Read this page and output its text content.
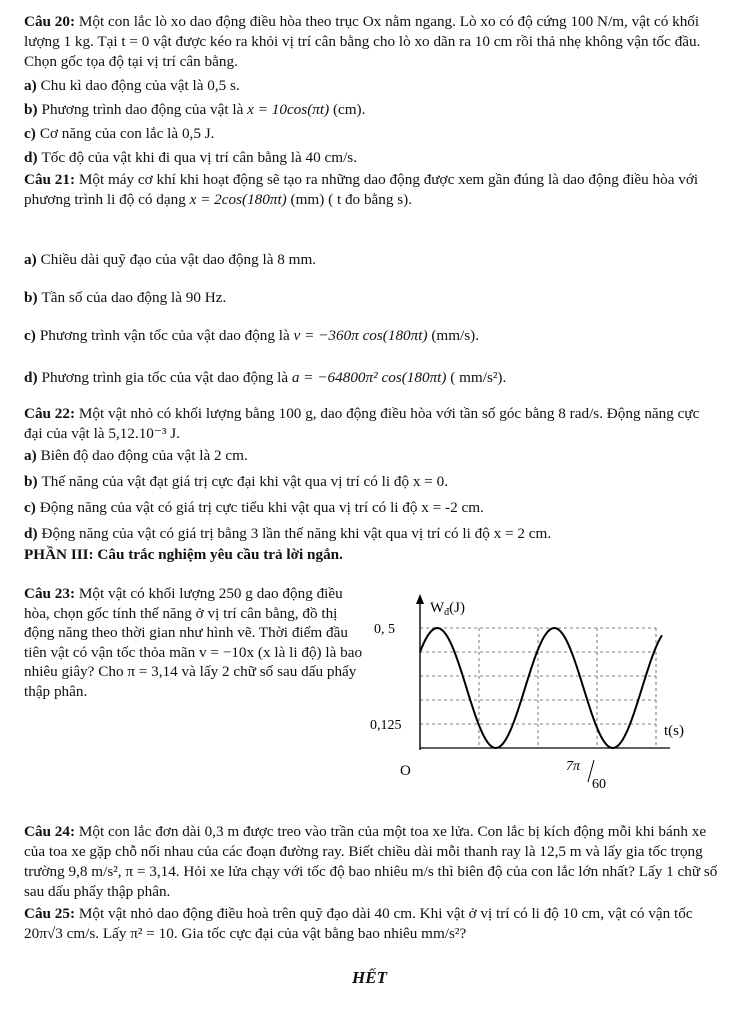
Câu 20: Một con lắc lò xo dao động điều hòa theo trục Ox nằm ngang. Lò xo có độ cứng 100 N/m, vật có khối lượng 1 kg. Tại t = 0 vật được kéo ra khỏi vị trí cân bằng cho lò xo dãn ra 10 cm rồi thả nhẹ không vận tốc đầu. Chọn gốc tọa độ tại vị trí cân bằng.

a) Chu kì dao động của vật là 0,5 s.

b) Phương trình dao động của vật là x = 10cos(πt) (cm).

c) Cơ năng của con lắc là 0,5 J.

d) Tốc độ của vật khi đi qua vị trí cân bằng là 40 cm/s.

Câu 21: Một máy cơ khí khi hoạt động sẽ tạo ra những dao động được xem gần đúng là dao động điều hòa với phương trình li độ có dạng x = 2cos(180πt) (mm) ( t đo bằng s).

a) Chiều dài quỹ đạo của vật dao động là 8 mm.

b) Tần số của dao động là 90 Hz.

c) Phương trình vận tốc của vật dao động là v = −360π cos(180πt) (mm/s).

d) Phương trình gia tốc của vật dao động là a = −64800π² cos(180πt) ( mm/s²).

Câu 22: Một vật nhỏ có khối lượng bằng 100 g, dao động điều hòa với tần số góc bằng 8 rad/s. Động năng cực đại của vật là 5,12.10⁻³ J.

a) Biên độ dao động của vật là 2 cm.

b) Thế năng của vật đạt giá trị cực đại khi vật qua vị trí có li độ x = 0.

c) Động năng của vật có giá trị cực tiểu khi vật qua vị trí có li độ x = -2 cm.

d) Động năng của vật có giá trị bằng 3 lần thế năng khi vật qua vị trí có li độ x = 2 cm.

PHẦN III: Câu trắc nghiệm yêu cầu trả lời ngắn.

Câu 23: Một vật có khối lượng 250 g dao động điều hòa, chọn gốc tính thế năng ở vị trí cân bằng, đồ thị động năng theo thời gian như hình vẽ. Thời điểm đầu tiên vật có vận tốc thỏa mãn v = −10x (x là li độ) là bao nhiêu giây? Cho π = 3,14 và lấy 2 chữ số sau dấu phẩy thập phân.

$W_đ(J)$
0, 5
0,125
O
t(s)
7π
60

Câu 24: Một con lắc đơn dài 0,3 m được treo vào trần của một toa xe lửa. Con lắc bị kích động mỗi khi bánh xe của toa xe gặp chỗ nối nhau của các đoạn đường ray. Biết chiều dài mỗi thanh ray là 12,5 m và lấy gia tốc trọng trường 9,8 m/s², π = 3,14. Hỏi xe lửa chạy với tốc độ bao nhiêu m/s thì biên độ của con lắc lớn nhất? Lấy 1 chữ số sau dấu phẩy thập phân.

Câu 25: Một vật nhỏ dao động điều hoà trên quỹ đạo dài 40 cm. Khi vật ở vị trí có li độ 10 cm, vật có vận tốc 20π√3 cm/s. Lấy π² = 10. Gia tốc cực đại của vật bằng bao nhiêu mm/s²?

HẾT
